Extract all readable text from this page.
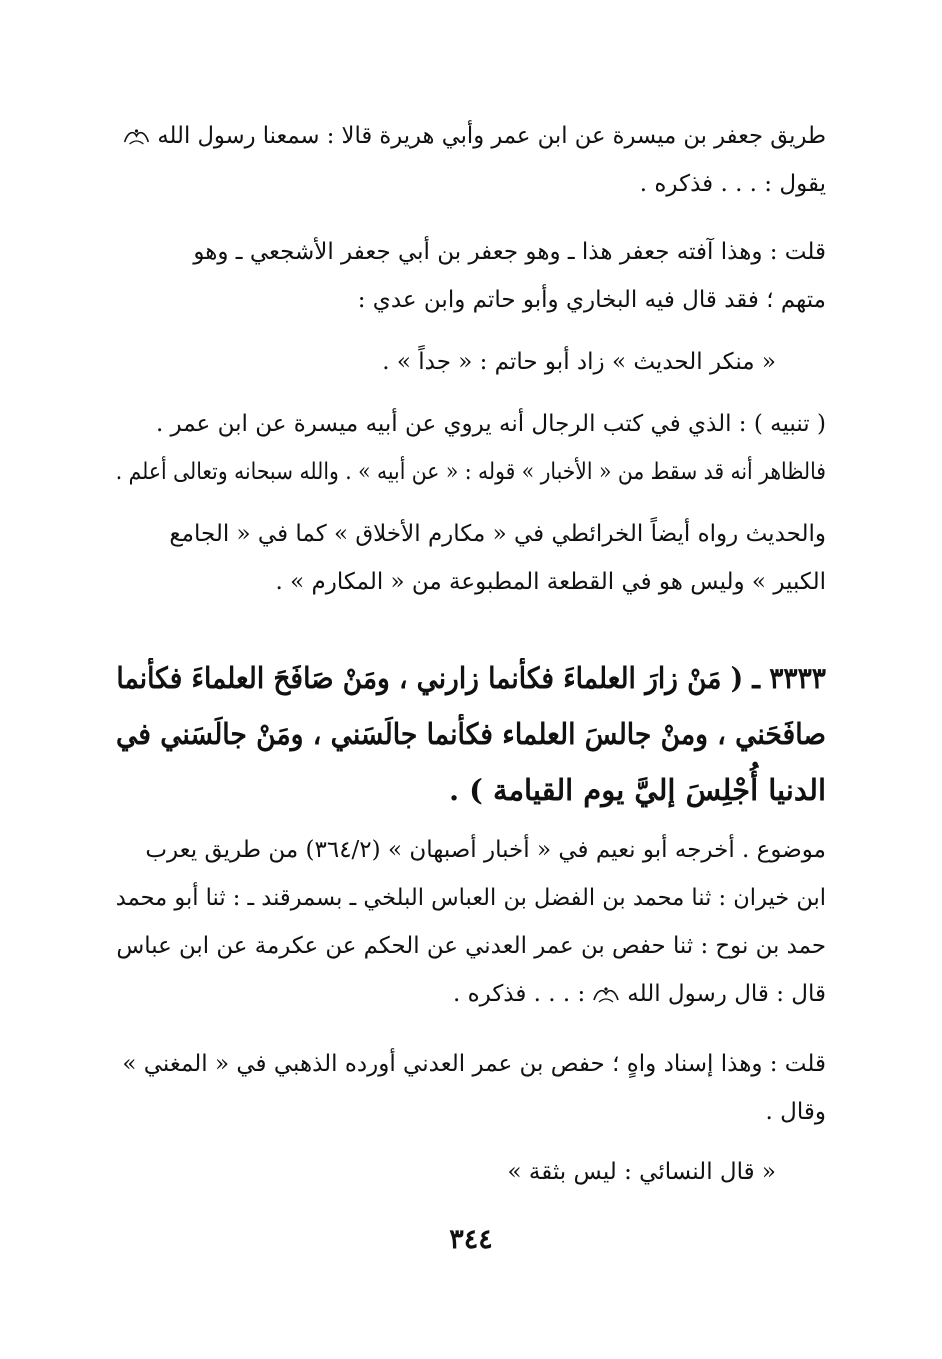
طريق جعفر بن ميسرة عن ابن عمر وأبي هريرة قالا : سمعنا رسول الله
يقول : . . . فذكره .
قلت : وهذا آفته جعفر هذا ـ وهو جعفر بن أبي جعفر الأشجعي ـ وهو
متهم ؛ فقد قال فيه البخاري وأبو حاتم وابن عدي :
« منكر الحديث » زاد أبو حاتم : « جداً » .
( تنبيه ) : الذي في كتب الرجال أنه يروي عن أبيه ميسرة عن ابن عمر .
فالظاهر أنه قد سقط من « الأخبار » قوله : « عن أبيه » . والله سبحانه وتعالى أعلم .
والحديث رواه أيضاً الخرائطي في « مكارم الأخلاق » كما في « الجامع
الكبير » وليس هو في القطعة المطبوعة من « المكارم » .
٣٣٣٣ ـ ( مَنْ زارَ العلماءَ فكأنما زارني ، ومَنْ صَافَحَ العلماءَ فكأنما
صافَحَني ، ومنْ جالسَ العلماء فكأنما جالَسَني ، ومَنْ جالَسَني في
الدنيا أُجْلِسَ إليَّ يوم القيامة ) .
موضوع . أخرجه أبو نعيم في « أخبار أصبهان » (٣٦٤/٢) من طريق يعرب
ابن خيران : ثنا محمد بن الفضل بن العباس البلخي ـ بسمرقند ـ : ثنا أبو محمد
حمد بن نوح : ثنا حفص بن عمر العدني عن الحكم عن عكرمة عن ابن عباس
قال : قال رسول الله: . . . فذكره .
قلت : وهذا إسناد واهٍ ؛ حفص بن عمر العدني أورده الذهبي في « المغني »
وقال .
« قال النسائي : ليس بثقة »
٣٤٤
